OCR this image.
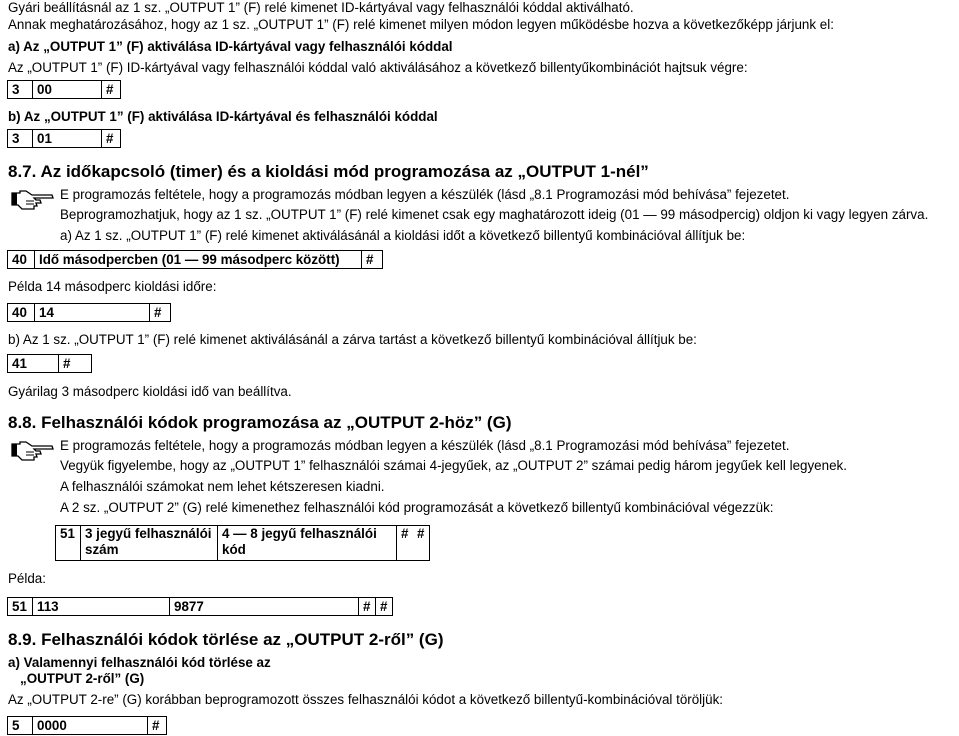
Gyári beállításnál az 1 sz. „OUTPUT 1” (F) relé kimenet ID-kártyával vagy felhasználói kóddal aktiválható.
Annak meghatározásához, hogy az 1 sz. „OUTPUT 1” (F) relé kimenet milyen módon legyen működésbe hozva a következőképp járjunk el:
a) Az „OUTPUT 1” (F) aktiválása ID-kártyával vagy felhasználói kóddal
Az „OUTPUT 1” (F) ID-kártyával vagy felhasználói kóddal való aktiválásához a következő billentyűkombinációt hajtsuk végre:
3	00	#
b) Az „OUTPUT 1” (F) aktiválása ID-kártyával és felhasználói kóddal
3	01	#
8.7. Az időkapcsoló (timer) és a kioldási mód programozása az „OUTPUT 1-nél”
E programozás feltétele, hogy a programozás módban legyen a készülék (lásd „8.1 Programozási mód behívása” fejezetet.
Beprogramozhatjuk, hogy az 1 sz. „OUTPUT 1” (F) relé kimenet csak egy maghatározott ideig (01 — 99 másodpercig) oldjon ki vagy legyen zárva.
a) Az 1 sz. „OUTPUT 1” (F) relé kimenet aktiválásánál a kioldási időt a következő billentyű kombinációval állítjuk be:
40	Idő másodpercben (01 — 99 másodperc között)	#
Példa 14 másodperc kioldási időre:
40	14	#
b) Az 1 sz. „OUTPUT 1” (F) relé kimenet aktiválásánál a zárva tartást a következő billentyű kombinációval állítjuk be:
41	#
Gyárilag 3 másodperc kioldási idő van beállítva.
8.8. Felhasználói kódok programozása az „OUTPUT 2-höz” (G)
E programozás feltétele, hogy a programozás módban legyen a készülék (lásd „8.1 Programozási mód behívása” fejezetet.
Vegyük figyelembe, hogy az „OUTPUT 1” felhasználói számai 4-jegyűek, az „OUTPUT 2” számai pedig három jegyűek kell legyenek.
A felhasználói számokat nem lehet kétszeresen kiadni.
A 2 sz. „OUTPUT 2” (G) relé kimenethez felhasználói kód programozását a következő billentyű kombinációval végezzük:
51	3 jegyű felhasználói szám	4 — 8 jegyű felhasználói kód	#	#
Példa:
51	113	9877	#	#
8.9. Felhasználói kódok törlése az „OUTPUT 2-ről” (G)
a) Valamennyi felhasználói kód törlése az
„OUTPUT 2-ről” (G)
Az „OUTPUT 2-re” (G) korábban beprogramozott összes felhasználói kódot a következő billentyű-kombinációval töröljük:
5	0000	#
